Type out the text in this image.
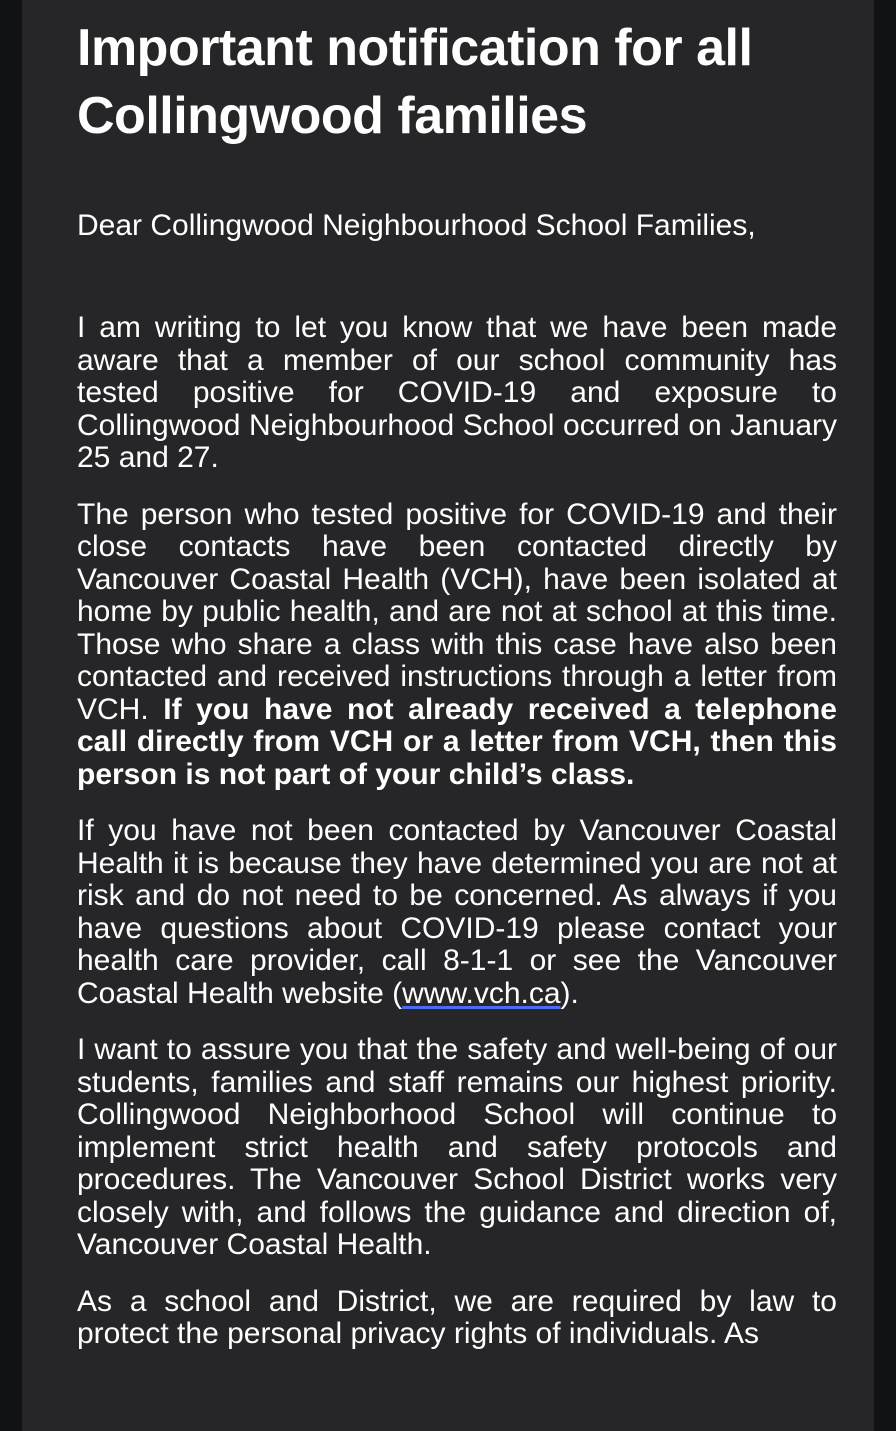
Important notification for all Collingwood families

Dear Collingwood Neighbourhood School Families,

I am writing to let you know that we have been made aware that a member of our school community has tested positive for COVID-19 and exposure to Collingwood Neighbourhood School occurred on January 25 and 27.

The person who tested positive for COVID-19 and their close contacts have been contacted directly by Vancouver Coastal Health (VCH), have been isolated at home by public health, and are not at school at this time. Those who share a class with this case have also been contacted and received instructions through a letter from VCH. If you have not already received a telephone call directly from VCH or a letter from VCH, then this person is not part of your child’s class.

If you have not been contacted by Vancouver Coastal Health it is because they have determined you are not at risk and do not need to be concerned. As always if you have questions about COVID-19 please contact your health care provider, call 8-1-1 or see the Vancouver Coastal Health website (www.vch.ca).

I want to assure you that the safety and well-being of our students, families and staff remains our highest priority. Collingwood Neighborhood School will continue to implement strict health and safety protocols and procedures. The Vancouver School District works very closely with, and follows the guidance and direction of, Vancouver Coastal Health.

As a school and District, we are required by law to protect the personal privacy rights of individuals. As
